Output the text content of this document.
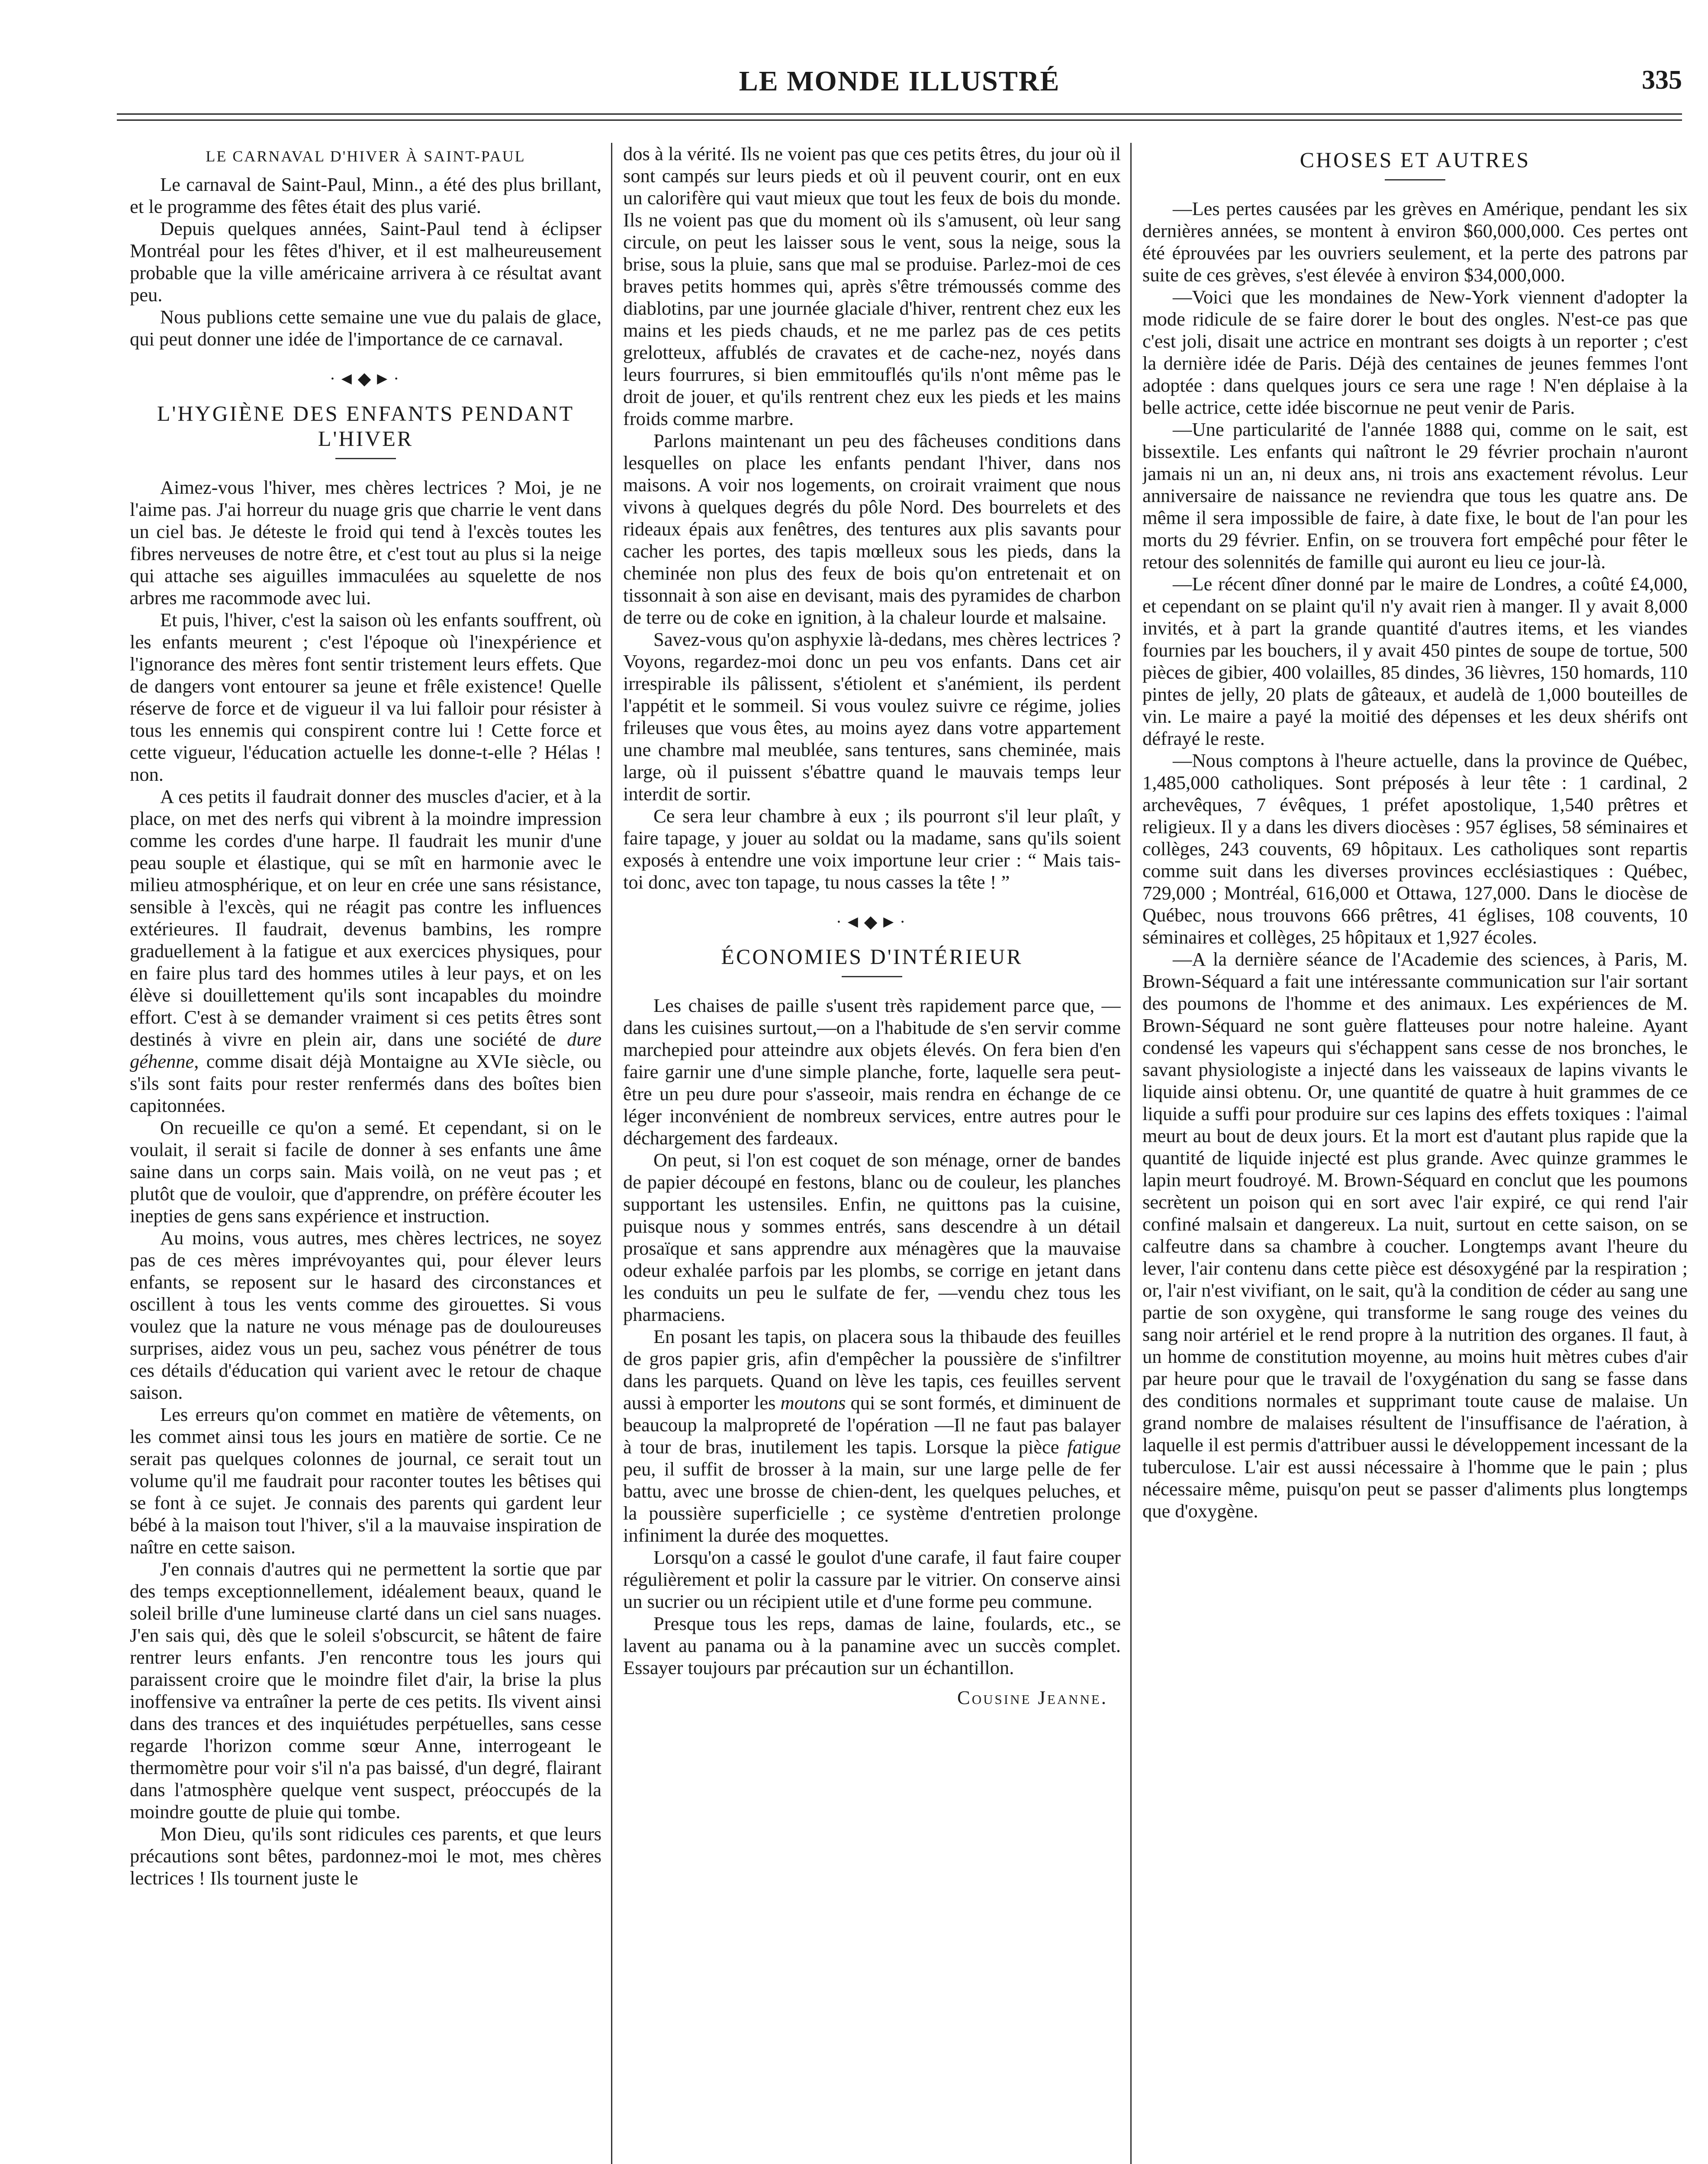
LE MONDE ILLUSTRÉ	335
LE CARNAVAL D'HIVER À SAINT-PAUL

Le carnaval de Saint-Paul, Minn., a été des plus brillant, et le programme des fêtes était des plus varié.

Depuis quelques années, Saint-Paul tend à éclipser Montréal pour les fêtes d'hiver, et il est malheureusement probable que la ville américaine arrivera à ce résultat avant peu.

Nous publions cette semaine une vue du palais de glace, qui peut donner une idée de l'importance de ce carnaval.

·◄◆►·
L'HYGIÈNE DES ENFANTS PENDANT L'HIVER

Aimez-vous l'hiver, mes chères lectrices ? Moi, je ne l'aime pas. J'ai horreur du nuage gris que charrie le vent dans un ciel bas. Je déteste le froid qui tend à l'excès toutes les fibres nerveuses de notre être, et c'est tout au plus si la neige qui attache ses aiguilles immaculées au squelette de nos arbres me racommode avec lui.

Et puis, l'hiver, c'est la saison où les enfants souffrent, où les enfants meurent ; c'est l'époque où l'inexpérience et l'ignorance des mères font sentir tristement leurs effets. Que de dangers vont entourer sa jeune et frêle existence! Quelle réserve de force et de vigueur il va lui falloir pour résister à tous les ennemis qui conspirent contre lui ! Cette force et cette vigueur, l'éducation actuelle les donne-t-elle ? Hélas ! non.

A ces petits il faudrait donner des muscles d'acier, et à la place, on met des nerfs qui vibrent à la moindre impression comme les cordes d'une harpe. Il faudrait les munir d'une peau souple et élastique, qui se mît en harmonie avec le milieu atmosphérique, et on leur en crée une sans résistance, sensible à l'excès, qui ne réagit pas contre les influences extérieures. Il faudrait, devenus bambins, les rompre graduellement à la fatigue et aux exercices physiques, pour en faire plus tard des hommes utiles à leur pays, et on les élève si douillettement qu'ils sont incapables du moindre effort. C'est à se demander vraiment si ces petits êtres sont destinés à vivre en plein air, dans une société de dure géhenne, comme disait déjà Montaigne au XVIe siècle, ou s'ils sont faits pour rester renfermés dans des boîtes bien capitonnées.

On recueille ce qu'on a semé. Et cependant, si on le voulait, il serait si facile de donner à ses enfants une âme saine dans un corps sain. Mais voilà, on ne veut pas ; et plutôt que de vouloir, que d'apprendre, on préfère écouter les inepties de gens sans expérience et instruction.

Au moins, vous autres, mes chères lectrices, ne soyez pas de ces mères imprévoyantes qui, pour élever leurs enfants, se reposent sur le hasard des circonstances et oscillent à tous les vents comme des girouettes. Si vous voulez que la nature ne vous ménage pas de douloureuses surprises, aidez vous un peu, sachez vous pénétrer de tous ces détails d'éducation qui varient avec le retour de chaque saison.

Les erreurs qu'on commet en matière de vêtements, on les commet ainsi tous les jours en matière de sortie. Ce ne serait pas quelques colonnes de journal, ce serait tout un volume qu'il me faudrait pour raconter toutes les bêtises qui se font à ce sujet. Je connais des parents qui gardent leur bébé à la maison tout l'hiver, s'il a la mauvaise inspiration de naître en cette saison.

J'en connais d'autres qui ne permettent la sortie que par des temps exceptionnellement, idéalement beaux, quand le soleil brille d'une lumineuse clarté dans un ciel sans nuages. J'en sais qui, dès que le soleil s'obscurcit, se hâtent de faire rentrer leurs enfants. J'en rencontre tous les jours qui paraissent croire que le moindre filet d'air, la brise la plus inoffensive va entraîner la perte de ces petits. Ils vivent ainsi dans des trances et des inquiétudes perpétuelles, sans cesse regarde l'horizon comme sœur Anne, interrogeant le thermomètre pour voir s'il n'a pas baissé, d'un degré, flairant dans l'atmosphère quelque vent suspect, préoccupés de la moindre goutte de pluie qui tombe.

Mon Dieu, qu'ils sont ridicules ces parents, et que leurs précautions sont bêtes, pardonnez-moi le mot, mes chères lectrices ! Ils tournent juste le

dos à la vérité. Ils ne voient pas que ces petits êtres, du jour où il sont campés sur leurs pieds et où il peuvent courir, ont en eux un calorifère qui vaut mieux que tout les feux de bois du monde. Ils ne voient pas que du moment où ils s'amusent, où leur sang circule, on peut les laisser sous le vent, sous la neige, sous la brise, sous la pluie, sans que mal se produise. Parlez-moi de ces braves petits hommes qui, après s'être trémoussés comme des diablotins, par une journée glaciale d'hiver, rentrent chez eux les mains et les pieds chauds, et ne me parlez pas de ces petits grelotteux, affublés de cravates et de cache-nez, noyés dans leurs fourrures, si bien emmitouflés qu'ils n'ont même pas le droit de jouer, et qu'ils rentrent chez eux les pieds et les mains froids comme marbre.

Parlons maintenant un peu des fâcheuses conditions dans lesquelles on place les enfants pendant l'hiver, dans nos maisons. A voir nos logements, on croirait vraiment que nous vivons à quelques degrés du pôle Nord. Des bourrelets et des rideaux épais aux fenêtres, des tentures aux plis savants pour cacher les portes, des tapis mœlleux sous les pieds, dans la cheminée non plus des feux de bois qu'on entretenait et on tissonnait à son aise en devisant, mais des pyramides de charbon de terre ou de coke en ignition, à la chaleur lourde et malsaine.

Savez-vous qu'on asphyxie là-dedans, mes chères lectrices ? Voyons, regardez-moi donc un peu vos enfants. Dans cet air irrespirable ils pâlissent, s'étiolent et s'anémient, ils perdent l'appétit et le sommeil. Si vous voulez suivre ce régime, jolies frileuses que vous êtes, au moins ayez dans votre appartement une chambre mal meublée, sans tentures, sans cheminée, mais large, où il puissent s'ébattre quand le mauvais temps leur interdit de sortir.

Ce sera leur chambre à eux ; ils pourront s'il leur plaît, y faire tapage, y jouer au soldat ou la madame, sans qu'ils soient exposés à entendre une voix importune leur crier : “ Mais tais-toi donc, avec ton tapage, tu nous casses la tête ! ”

·◄◆►·
ÉCONOMIES D'INTÉRIEUR

Les chaises de paille s'usent très rapidement parce que, —dans les cuisines surtout,—on a l'habitude de s'en servir comme marchepied pour atteindre aux objets élevés. On fera bien d'en faire garnir une d'une simple planche, forte, laquelle sera peut-être un peu dure pour s'asseoir, mais rendra en échange de ce léger inconvénient de nombreux services, entre autres pour le déchargement des fardeaux.

On peut, si l'on est coquet de son ménage, orner de bandes de papier découpé en festons, blanc ou de couleur, les planches supportant les ustensiles. Enfin, ne quittons pas la cuisine, puisque nous y sommes entrés, sans descendre à un détail prosaïque et sans apprendre aux ménagères que la mauvaise odeur exhalée parfois par les plombs, se corrige en jetant dans les conduits un peu le sulfate de fer, —vendu chez tous les pharmaciens.

En posant les tapis, on placera sous la thibaude des feuilles de gros papier gris, afin d'empêcher la poussière de s'infiltrer dans les parquets. Quand on lève les tapis, ces feuilles servent aussi à emporter les moutons qui se sont formés, et diminuent de beaucoup la malpropreté de l'opération —Il ne faut pas balayer à tour de bras, inutilement les tapis. Lorsque la pièce fatigue peu, il suffit de brosser à la main, sur une large pelle de fer battu, avec une brosse de chien-dent, les quelques peluches, et la poussière superficielle ; ce système d'entretien prolonge infiniment la durée des moquettes.

Lorsqu'on a cassé le goulot d'une carafe, il faut faire couper régulièrement et polir la cassure par le vitrier. On conserve ainsi un sucrier ou un récipient utile et d'une forme peu commune.

Presque tous les reps, damas de laine, foulards, etc., se lavent au panama ou à la panamine avec un succès complet. Essayer toujours par précaution sur un échantillon.

Cousine Jeanne.
CHOSES ET AUTRES

—Les pertes causées par les grèves en Amérique, pendant les six dernières années, se montent à environ $60,000,000. Ces pertes ont été éprouvées par les ouvriers seulement, et la perte des patrons par suite de ces grèves, s'est élevée à environ $34,000,000.

—Voici que les mondaines de New-York viennent d'adopter la mode ridicule de se faire dorer le bout des ongles. N'est-ce pas que c'est joli, disait une actrice en montrant ses doigts à un reporter ; c'est la dernière idée de Paris. Déjà des centaines de jeunes femmes l'ont adoptée : dans quelques jours ce sera une rage ! N'en déplaise à la belle actrice, cette idée biscornue ne peut venir de Paris.

—Une particularité de l'année 1888 qui, comme on le sait, est bissextile. Les enfants qui naîtront le 29 février prochain n'auront jamais ni un an, ni deux ans, ni trois ans exactement révolus. Leur anniversaire de naissance ne reviendra que tous les quatre ans. De même il sera impossible de faire, à date fixe, le bout de l'an pour les morts du 29 février. Enfin, on se trouvera fort empêché pour fêter le retour des solennités de famille qui auront eu lieu ce jour-là.

—Le récent dîner donné par le maire de Londres, a coûté £4,000, et cependant on se plaint qu'il n'y avait rien à manger. Il y avait 8,000 invités, et à part la grande quantité d'autres items, et les viandes fournies par les bouchers, il y avait 450 pintes de soupe de tortue, 500 pièces de gibier, 400 volailles, 85 dindes, 36 lièvres, 150 homards, 110 pintes de jelly, 20 plats de gâteaux, et audelà de 1,000 bouteilles de vin. Le maire a payé la moitié des dépenses et les deux shérifs ont défrayé le reste.

—Nous comptons à l'heure actuelle, dans la province de Québec, 1,485,000 catholiques. Sont préposés à leur tête : 1 cardinal, 2 archevêques, 7 évêques, 1 préfet apostolique, 1,540 prêtres et religieux. Il y a dans les divers diocèses : 957 églises, 58 séminaires et collèges, 243 couvents, 69 hôpitaux. Les catholiques sont repartis comme suit dans les diverses provinces ecclésiastiques : Québec, 729,000 ; Montréal, 616,000 et Ottawa, 127,000. Dans le diocèse de Québec, nous trouvons 666 prêtres, 41 églises, 108 couvents, 10 séminaires et collèges, 25 hôpitaux et 1,927 écoles.

—A la dernière séance de l'Academie des sciences, à Paris, M. Brown-Séquard a fait une intéressante communication sur l'air sortant des poumons de l'homme et des animaux. Les expériences de M. Brown-Séquard ne sont guère flatteuses pour notre haleine. Ayant condensé les vapeurs qui s'échappent sans cesse de nos bronches, le savant physiologiste a injecté dans les vaisseaux de lapins vivants le liquide ainsi obtenu. Or, une quantité de quatre à huit grammes de ce liquide a suffi pour produire sur ces lapins des effets toxiques : l'aimal meurt au bout de deux jours. Et la mort est d'autant plus rapide que la quantité de liquide injecté est plus grande. Avec quinze grammes le lapin meurt foudroyé. M. Brown-Séquard en conclut que les poumons secrètent un poison qui en sort avec l'air expiré, ce qui rend l'air confiné malsain et dangereux. La nuit, surtout en cette saison, on se calfeutre dans sa chambre à coucher. Longtemps avant l'heure du lever, l'air contenu dans cette pièce est désoxygéné par la respiration ; or, l'air n'est vivifiant, on le sait, qu'à la condition de céder au sang une partie de son oxygène, qui transforme le sang rouge des veines du sang noir artériel et le rend propre à la nutrition des organes. Il faut, à un homme de constitution moyenne, au moins huit mètres cubes d'air par heure pour que le travail de l'oxygénation du sang se fasse dans des conditions normales et supprimant toute cause de malaise. Un grand nombre de malaises résultent de l'insuffisance de l'aération, à laquelle il est permis d'attribuer aussi le développement incessant de la tuberculose. L'air est aussi nécessaire à l'homme que le pain ; plus nécessaire même, puisqu'on peut se passer d'aliments plus longtemps que d'oxygène.
